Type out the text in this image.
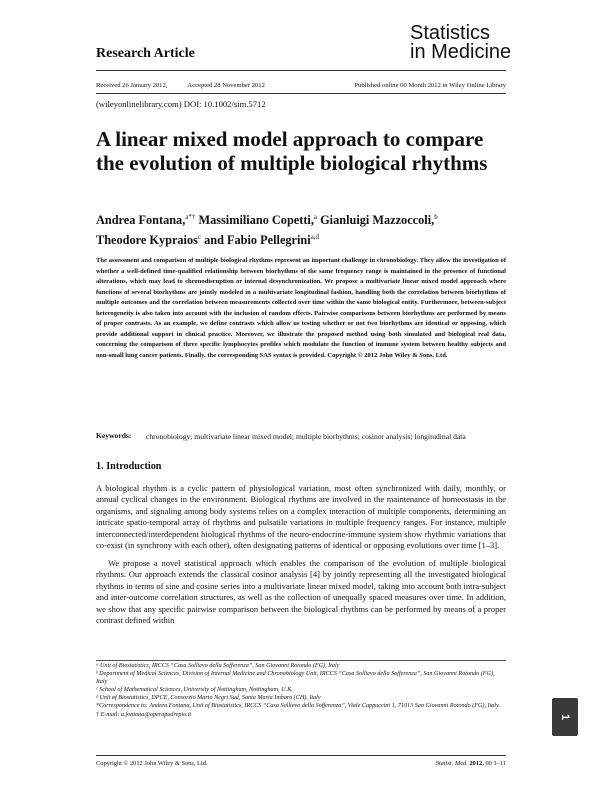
Research Article
Statistics
in Medicine
Received 26 January 2012,	Accepted 28 November 2012	Published online 00 Month 2012 in Wiley Online Library
(wileyonlinelibrary.com) DOI: 10.1002/sim.5712
A linear mixed model approach to compare the evolution of multiple biological rhythms
Andrea Fontana,$^{a*\dagger}$ Massimiliano Copetti,$^a$ Gianluigi Mazzoccoli,$^b$
Theodore Kypraios$^c$ and Fabio Pellegrini$^{a,d}$
The assessment and comparison of multiple biological rhythms represent an important challenge in chronobiology. They allow the investigation of whether a well-defined time-qualified relationship between biorhythms of the same frequency range is maintained in the presence of functional alterations, which may lead to chronodisruption or internal desynchronization. We propose a multivariate linear mixed model approach where functions of several biorhythms are jointly modeled in a multivariate longitudinal fashion, handling both the correlation between biorhythms of multiple outcomes and the correlation between measurements collected over time within the same biological entity. Furthermore, between-subject heterogeneity is also taken into account with the inclusion of random effects. Pairwise comparisons between biorhythms are performed by means of proper contrasts. As an example, we define contrasts which allow us testing whether or not two biorhythms are identical or opposing, which provide additional support in clinical practice. Moreover, we illustrate the proposed method using both simulated and biological real data, concerning the comparison of three specific lymphocytes profiles which modulate the function of immune system between healthy subjects and non-small lung cancer patients. Finally, the corresponding SAS syntax is provided. Copyright © 2012 John Wiley & Sons, Ltd.
Keywords: chronobiology; multivariate linear mixed model; multiple biorhythms; cosinor analysis; longitudinal data
1. Introduction

A biological rhythm is a cyclic pattern of physiological variation, most often synchronized with daily, monthly, or annual cyclical changes in the environment. Biological rhythms are involved in the maintenance of homeostasis in the organisms, and signaling among body systems relies on a complex interaction of multiple components, determining an intricate spatio-temporal array of rhythms and pulsatile variations in multiple frequency ranges. For instance, multiple interconnected/interdependent biological rhythms of the neuro-endocrine-immune system show rhythmic variations that co-exist (in synchrony with each other), often designating patterns of identical or opposing evolutions over time [1–3].

We propose a novel statistical approach which enables the comparison of the evolution of multiple biological rhythms. Our approach extends the classical cosinor analysis [4] by jointly representing all the investigated biological rhythms in terms of sine and cosine series into a multivariate linear mixed model, taking into account both intra-subject and inter-outcome correlation structures, as well as the collection of unequally spaced measures over time. In addition, we show that any specific pairwise comparison between the biological rhythms can be performed by means of a proper contrast defined within

ᵃ Unit of Biostatistics, IRCCS “Casa Sollievo della Sofferenza”, San Giovanni Rotondo (FG), Italy
ᵇ Department of Medical Sciences, Division of Internal Medicine and Chronobiology Unit, IRCCS “Casa Sollievo della Sofferenza”, San Giovanni Rotondo (FG), Italy
ᶜ School of Mathematical Sciences, University of Nottingham, Nottingham, U.K.
ᵈ Unit of Biostatistics, DPCE, Consorzio Mario Negri Sud, Santa Maria Imbaro (CH), Italy
*Correspondence to: Andrea Fontana, Unit of Biostatistics, IRCCS “Casa Sollievo della Sofferenza”, Viale Cappuccini 1, 71013 San Giovanni Rotondo (FG), Italy.
† E-mail: a.fontana@operapadrepio.it	1
Copyright © 2012 John Wiley & Sons, Ltd.	Statist. Med. 2012, 00 1–11
